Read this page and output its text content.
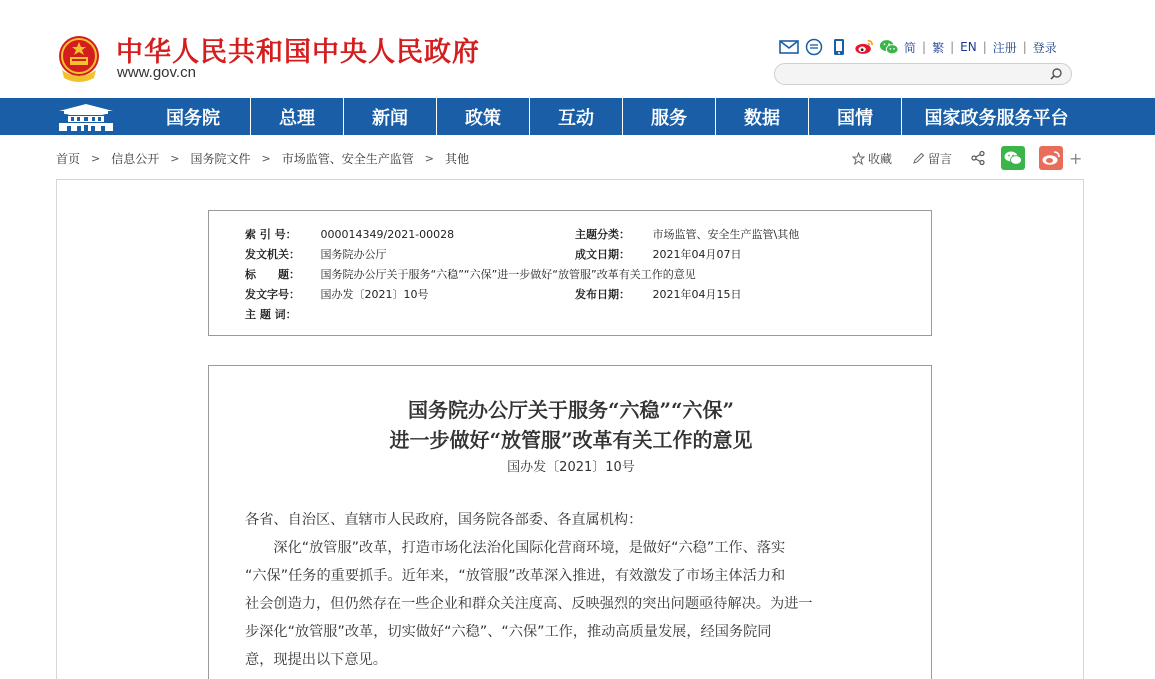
中华人民共和国中央人民政府
www.gov.cn
简 | 繁 | EN | 注册 | 登录
国务院	总理	新闻	政策	互动	服务	数据	国情	国家政务服务平台
首页 > 信息公开 > 国务院文件 > 市场监管、安全生产监管 > 其他	收藏	留言	+
索 引 号： 000014349/2021-00028	主题分类： 市场监管、安全生产监管\其他
发文机关： 国务院办公厅	成文日期： 2021年04月07日
标　　题： 国务院办公厅关于服务“六稳”“六保”进一步做好“放管服”改革有关工作的意见
发文字号： 国办发〔2021〕10号	发布日期： 2021年04月15日
主 题 词：
国务院办公厅关于服务“六稳”“六保”
进一步做好“放管服”改革有关工作的意见
国办发〔2021〕10号
各省、自治区、直辖市人民政府，国务院各部委、各直属机构：
　　深化“放管服”改革，打造市场化法治化国际化营商环境，是做好“六稳”工作、落实
“六保”任务的重要抓手。近年来，“放管服”改革深入推进，有效激发了市场主体活力和
社会创造力，但仍然存在一些企业和群众关注度高、反映强烈的突出问题亟待解决。为进一
步深化“放管服”改革，切实做好“六稳”、“六保”工作，推动高质量发展，经国务院同
意，现提出以下意见。
